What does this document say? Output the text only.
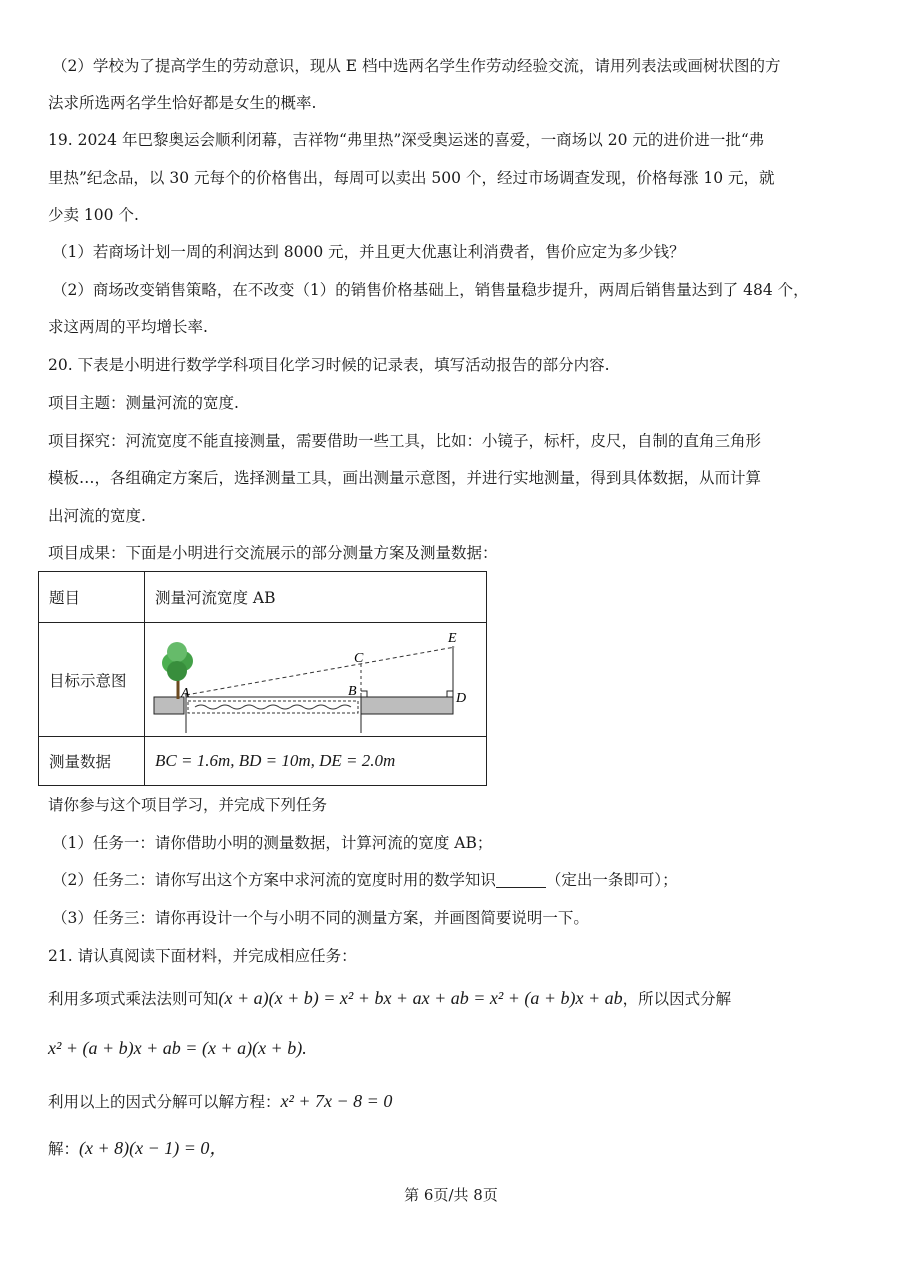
（2）学校为了提高学生的劳动意识，现从 E 档中选两名学生作劳动经验交流，请用列表法或画树状图的方
法求所选两名学生恰好都是女生的概率.
19. 2024 年巴黎奥运会顺利闭幕，吉祥物“弗里热”深受奥运迷的喜爱，一商场以 20 元的进价进一批“弗
里热”纪念品，以 30 元每个的价格售出，每周可以卖出 500 个，经过市场调查发现，价格每涨 10 元，就
少卖 100 个.
（1）若商场计划一周的利润达到 8000 元，并且更大优惠让利消费者，售价应定为多少钱？
（2）商场改变销售策略，在不改变（1）的销售价格基础上，销售量稳步提升，两周后销售量达到了 484 个，
求这两周的平均增长率.
20. 下表是小明进行数学学科项目化学习时候的记录表，填写活动报告的部分内容.
项目主题：测量河流的宽度.
项目探究：河流宽度不能直接测量，需要借助一些工具，比如：小镜子，标杆，皮尺，自制的直角三角形
模板…，各组确定方案后，选择测量工具，画出测量示意图，并进行实地测量，得到具体数据，从而计算
出河流的宽度.
项目成果：下面是小明进行交流展示的部分测量方案及测量数据：
题目	测量河流宽度 AB
目标示意图	A B
C
D
E

测量数据	BC = 1.6m, BD = 10m, DE = 2.0m
请你参与这个项目学习，并完成下列任务
（1）任务一：请你借助小明的测量数据，计算河流的宽度 AB；
（2）任务二：请你写出这个方案中求河流的宽度时用的数学知识	（定出一条即可）；
（3）任务三：请你再设计一个与小明不同的测量方案，并画图简要说明一下。
21. 请认真阅读下面材料，并完成相应任务：
利用多项式乘法法则可知(x + a)(x + b) = x² + bx + ax + ab = x² + (a + b)x + ab，所以因式分解
x² + (a + b)x + ab = (x + a)(x + b).
利用以上的因式分解可以解方程：x² + 7x − 8 = 0
解：(x + 8)(x − 1) = 0，
第 6页/共 8页
